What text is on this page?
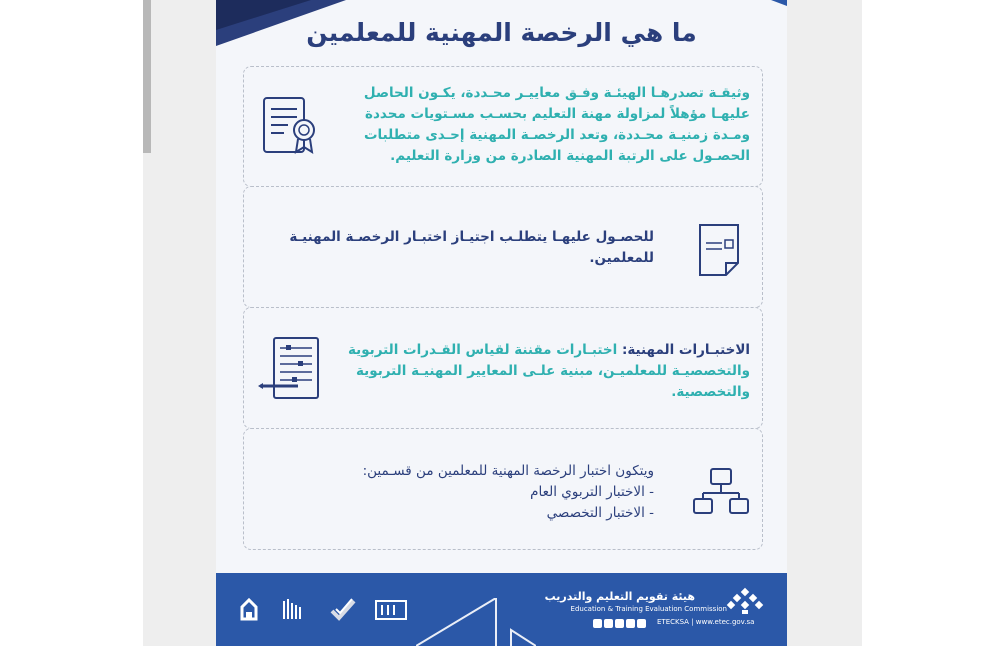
ما هي الرخصة المهنية للمعلمين
وثيقـة تصدرهـا الهيئـة وفـق معاييـر محـددة، يكـون الحاصل
عليهـا مؤهلاً لمزاولة مهنة التعليم بحسـب مسـتويات محددة
ومـدة زمنيـة محـددة، وتعد الرخصـة المهنية إحـدى متطلبات
الحصـول على الرتبة المهنية الصادرة من وزارة التعليم.
للحصـول عليهـا يتطلـب اجتيـاز اختبـار الرخصـة المهنيـة
للمعلمين.
الاختبـارات المهنية: اختبـارات مقننة لقياس القـدرات التربوية
والتخصصيـة للمعلميـن، مبنية علـى المعايير المهنيـة التربوية
والتخصصية.
ويتكون اختبار الرخصة المهنية للمعلمين من قسـمين:
- الاختبار التربوي العام
- الاختبار التخصصي
هيئة تقويم التعليم والتدريب
Education & Training Evaluation Commission
ETECKSA | www.etec.gov.sa
